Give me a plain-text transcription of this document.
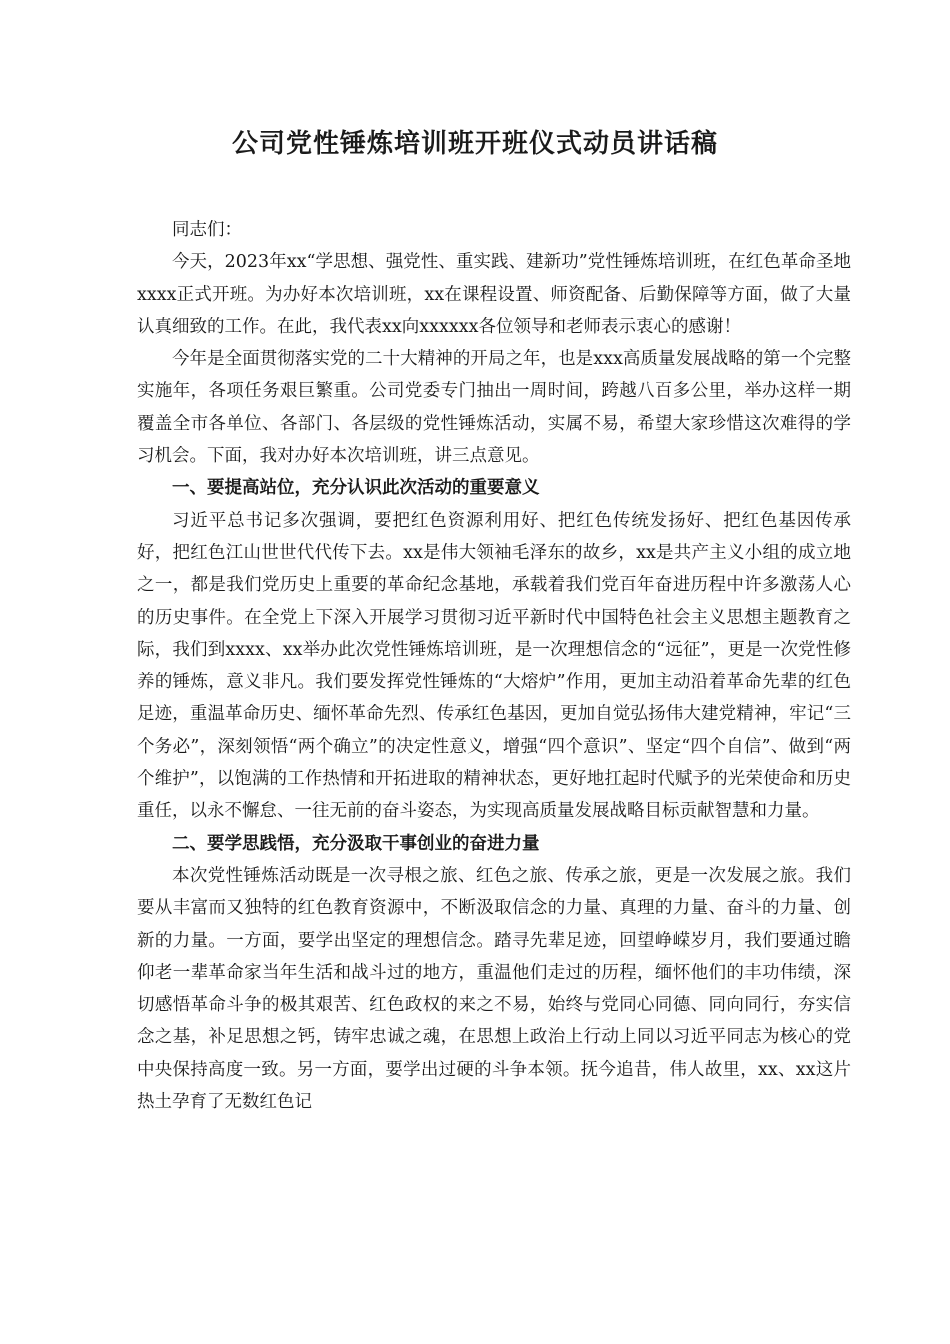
公司党性锤炼培训班开班仪式动员讲话稿

同志们：

今天，2023年xx“学思想、强党性、重实践、建新功”党性锤炼培训班，在红色革命圣地xxxx正式开班。为办好本次培训班，xx在课程设置、师资配备、后勤保障等方面，做了大量认真细致的工作。在此，我代表xx向xxxxxx各位领导和老师表示衷心的感谢！

今年是全面贯彻落实党的二十大精神的开局之年，也是xxx高质量发展战略的第一个完整实施年，各项任务艰巨繁重。公司党委专门抽出一周时间，跨越八百多公里，举办这样一期覆盖全市各单位、各部门、各层级的党性锤炼活动，实属不易，希望大家珍惜这次难得的学习机会。下面，我对办好本次培训班，讲三点意见。

一、要提高站位，充分认识此次活动的重要意义

习近平总书记多次强调，要把红色资源利用好、把红色传统发扬好、把红色基因传承好，把红色江山世世代代传下去。xx是伟大领袖毛泽东的故乡，xx是共产主义小组的成立地之一，都是我们党历史上重要的革命纪念基地，承载着我们党百年奋进历程中许多激荡人心的历史事件。在全党上下深入开展学习贯彻习近平新时代中国特色社会主义思想主题教育之际，我们到xxxx、xx举办此次党性锤炼培训班，是一次理想信念的“远征”，更是一次党性修养的锤炼，意义非凡。我们要发挥党性锤炼的“大熔炉”作用，更加主动沿着革命先辈的红色足迹，重温革命历史、缅怀革命先烈、传承红色基因，更加自觉弘扬伟大建党精神，牢记“三个务必”，深刻领悟“两个确立”的决定性意义，增强“四个意识”、坚定“四个自信”、做到“两个维护”，以饱满的工作热情和开拓进取的精神状态，更好地扛起时代赋予的光荣使命和历史重任，以永不懈怠、一往无前的奋斗姿态，为实现高质量发展战略目标贡献智慧和力量。

二、要学思践悟，充分汲取干事创业的奋进力量

本次党性锤炼活动既是一次寻根之旅、红色之旅、传承之旅，更是一次发展之旅。我们要从丰富而又独特的红色教育资源中，不断汲取信念的力量、真理的力量、奋斗的力量、创新的力量。一方面，要学出坚定的理想信念。踏寻先辈足迹，回望峥嵘岁月，我们要通过瞻仰老一辈革命家当年生活和战斗过的地方，重温他们走过的历程，缅怀他们的丰功伟绩，深切感悟革命斗争的极其艰苦、红色政权的来之不易，始终与党同心同德、同向同行，夯实信念之基，补足思想之钙，铸牢忠诚之魂，在思想上政治上行动上同以习近平同志为核心的党中央保持高度一致。另一方面，要学出过硬的斗争本领。抚今追昔，伟人故里，xx、xx这片热土孕育了无数红色记
